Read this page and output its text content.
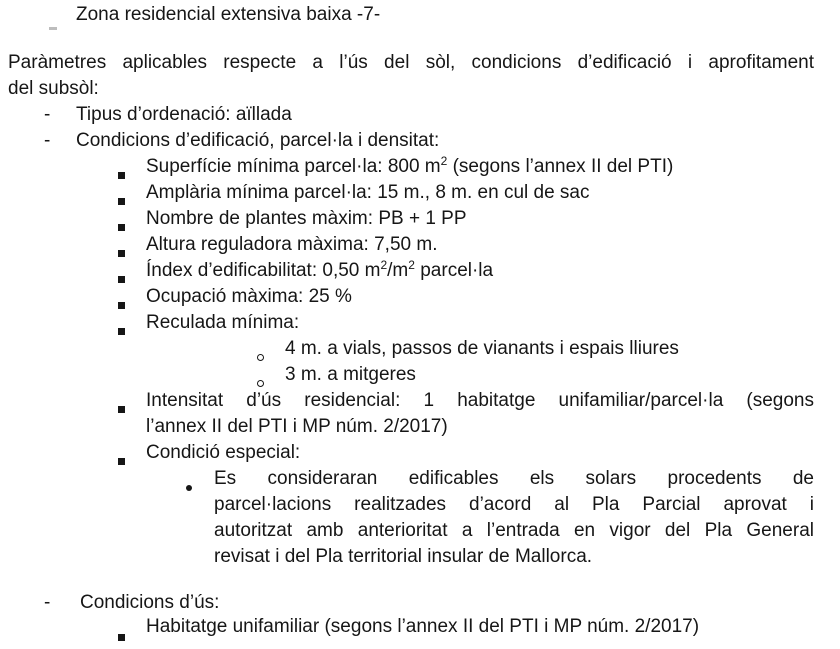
Zona residencial extensiva baixa -7-
Paràmetres aplicables respecte a l’ús del sòl, condicions d’edificació i aprofitament
del subsòl:
- Tipus d’ordenació: aïllada
- Condicions d’edificació, parcel·la i densitat:
Superfície mínima parcel·la: 800 $m^2$ (segons l’annex II del PTI)
Amplària mínima parcel·la: 15 m., 8 m. en cul de sac
Nombre de plantes màxim: PB + 1 PP
Altura reguladora màxima: 7,50 m.
Índex d’edificabilitat: 0,50 $m^2/m^2$ parcel·la
Ocupació màxima: 25 %
Reculada mínima:
4 m. a vials, passos de vianants i espais lliures
3 m. a mitgeres
Intensitat d’ús residencial: 1 habitatge unifamiliar/parcel·la (segons
l’annex II del PTI i MP núm. 2/2017)
Condició especial:
Es consideraran edificables els solars procedents de
parcel·lacions realitzades d’acord al Pla Parcial aprovat i
autoritzat amb anterioritat a l’entrada en vigor del Pla General
revisat i del Pla territorial insular de Mallorca.
- Condicions d’ús:
Habitatge unifamiliar (segons l’annex II del PTI i MP núm. 2/2017)
